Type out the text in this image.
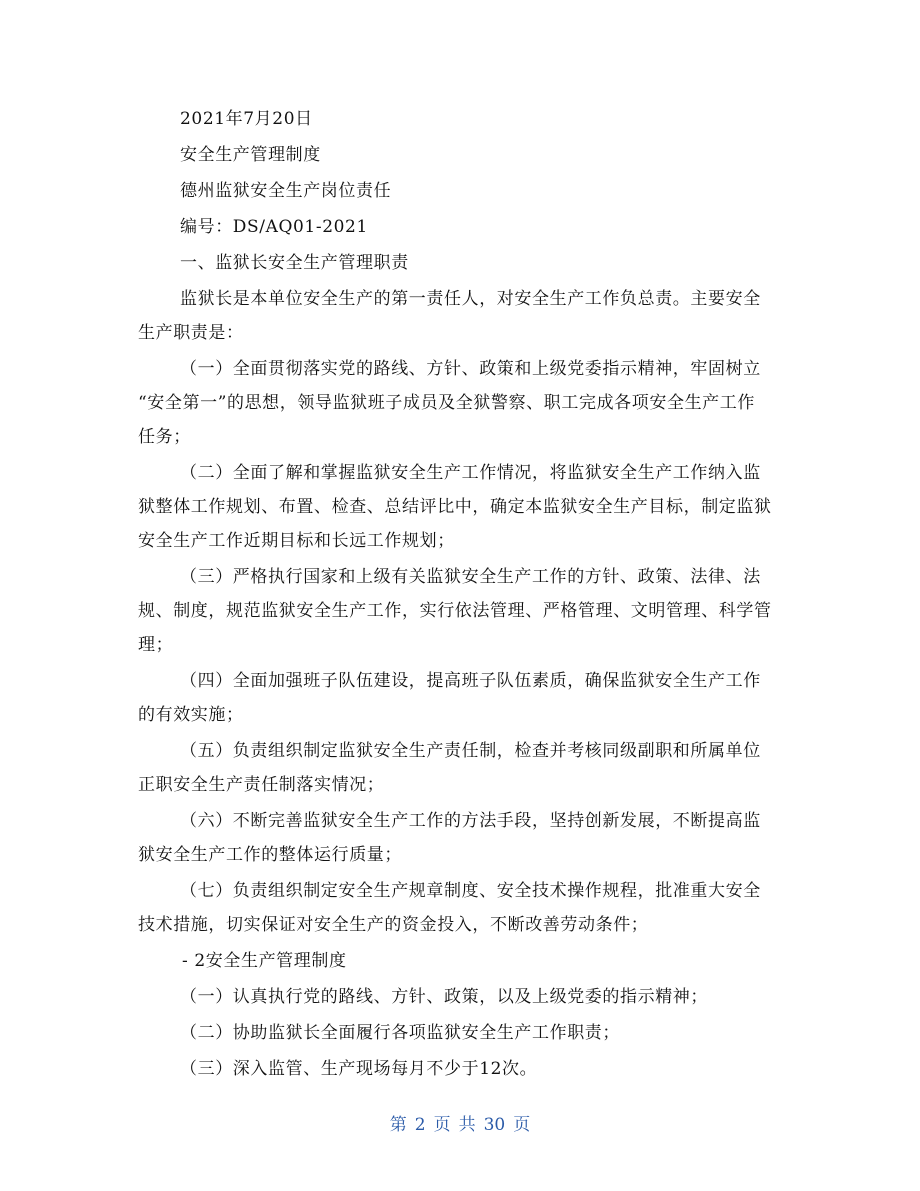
2021年7月20日
安全生产管理制度
德州监狱安全生产岗位责任
编号：DS/AQ01-2021
一、监狱长安全生产管理职责
监狱长是本单位安全生产的第一责任人，对安全生产工作负总责。主要安全
生产职责是：
（一）全面贯彻落实党的路线、方针、政策和上级党委指示精神，牢固树立
“安全第一”的思想，领导监狱班子成员及全狱警察、职工完成各项安全生产工作
任务；
（二）全面了解和掌握监狱安全生产工作情况，将监狱安全生产工作纳入监
狱整体工作规划、布置、检查、总结评比中，确定本监狱安全生产目标，制定监狱
安全生产工作近期目标和长远工作规划；
（三）严格执行国家和上级有关监狱安全生产工作的方针、政策、法律、法
规、制度，规范监狱安全生产工作，实行依法管理、严格管理、文明管理、科学管
理；
（四）全面加强班子队伍建设，提高班子队伍素质，确保监狱安全生产工作
的有效实施；
（五）负责组织制定监狱安全生产责任制，检查并考核同级副职和所属单位
正职安全生产责任制落实情况；
（六）不断完善监狱安全生产工作的方法手段，坚持创新发展，不断提高监
狱安全生产工作的整体运行质量；
（七）负责组织制定安全生产规章制度、安全技术操作规程，批准重大安全
技术措施，切实保证对安全生产的资金投入，不断改善劳动条件；
- 2安全生产管理制度
（一）认真执行党的路线、方针、政策，以及上级党委的指示精神；
（二）协助监狱长全面履行各项监狱安全生产工作职责；
（三）深入监管、生产现场每月不少于12次。
第 2 页 共 30 页
